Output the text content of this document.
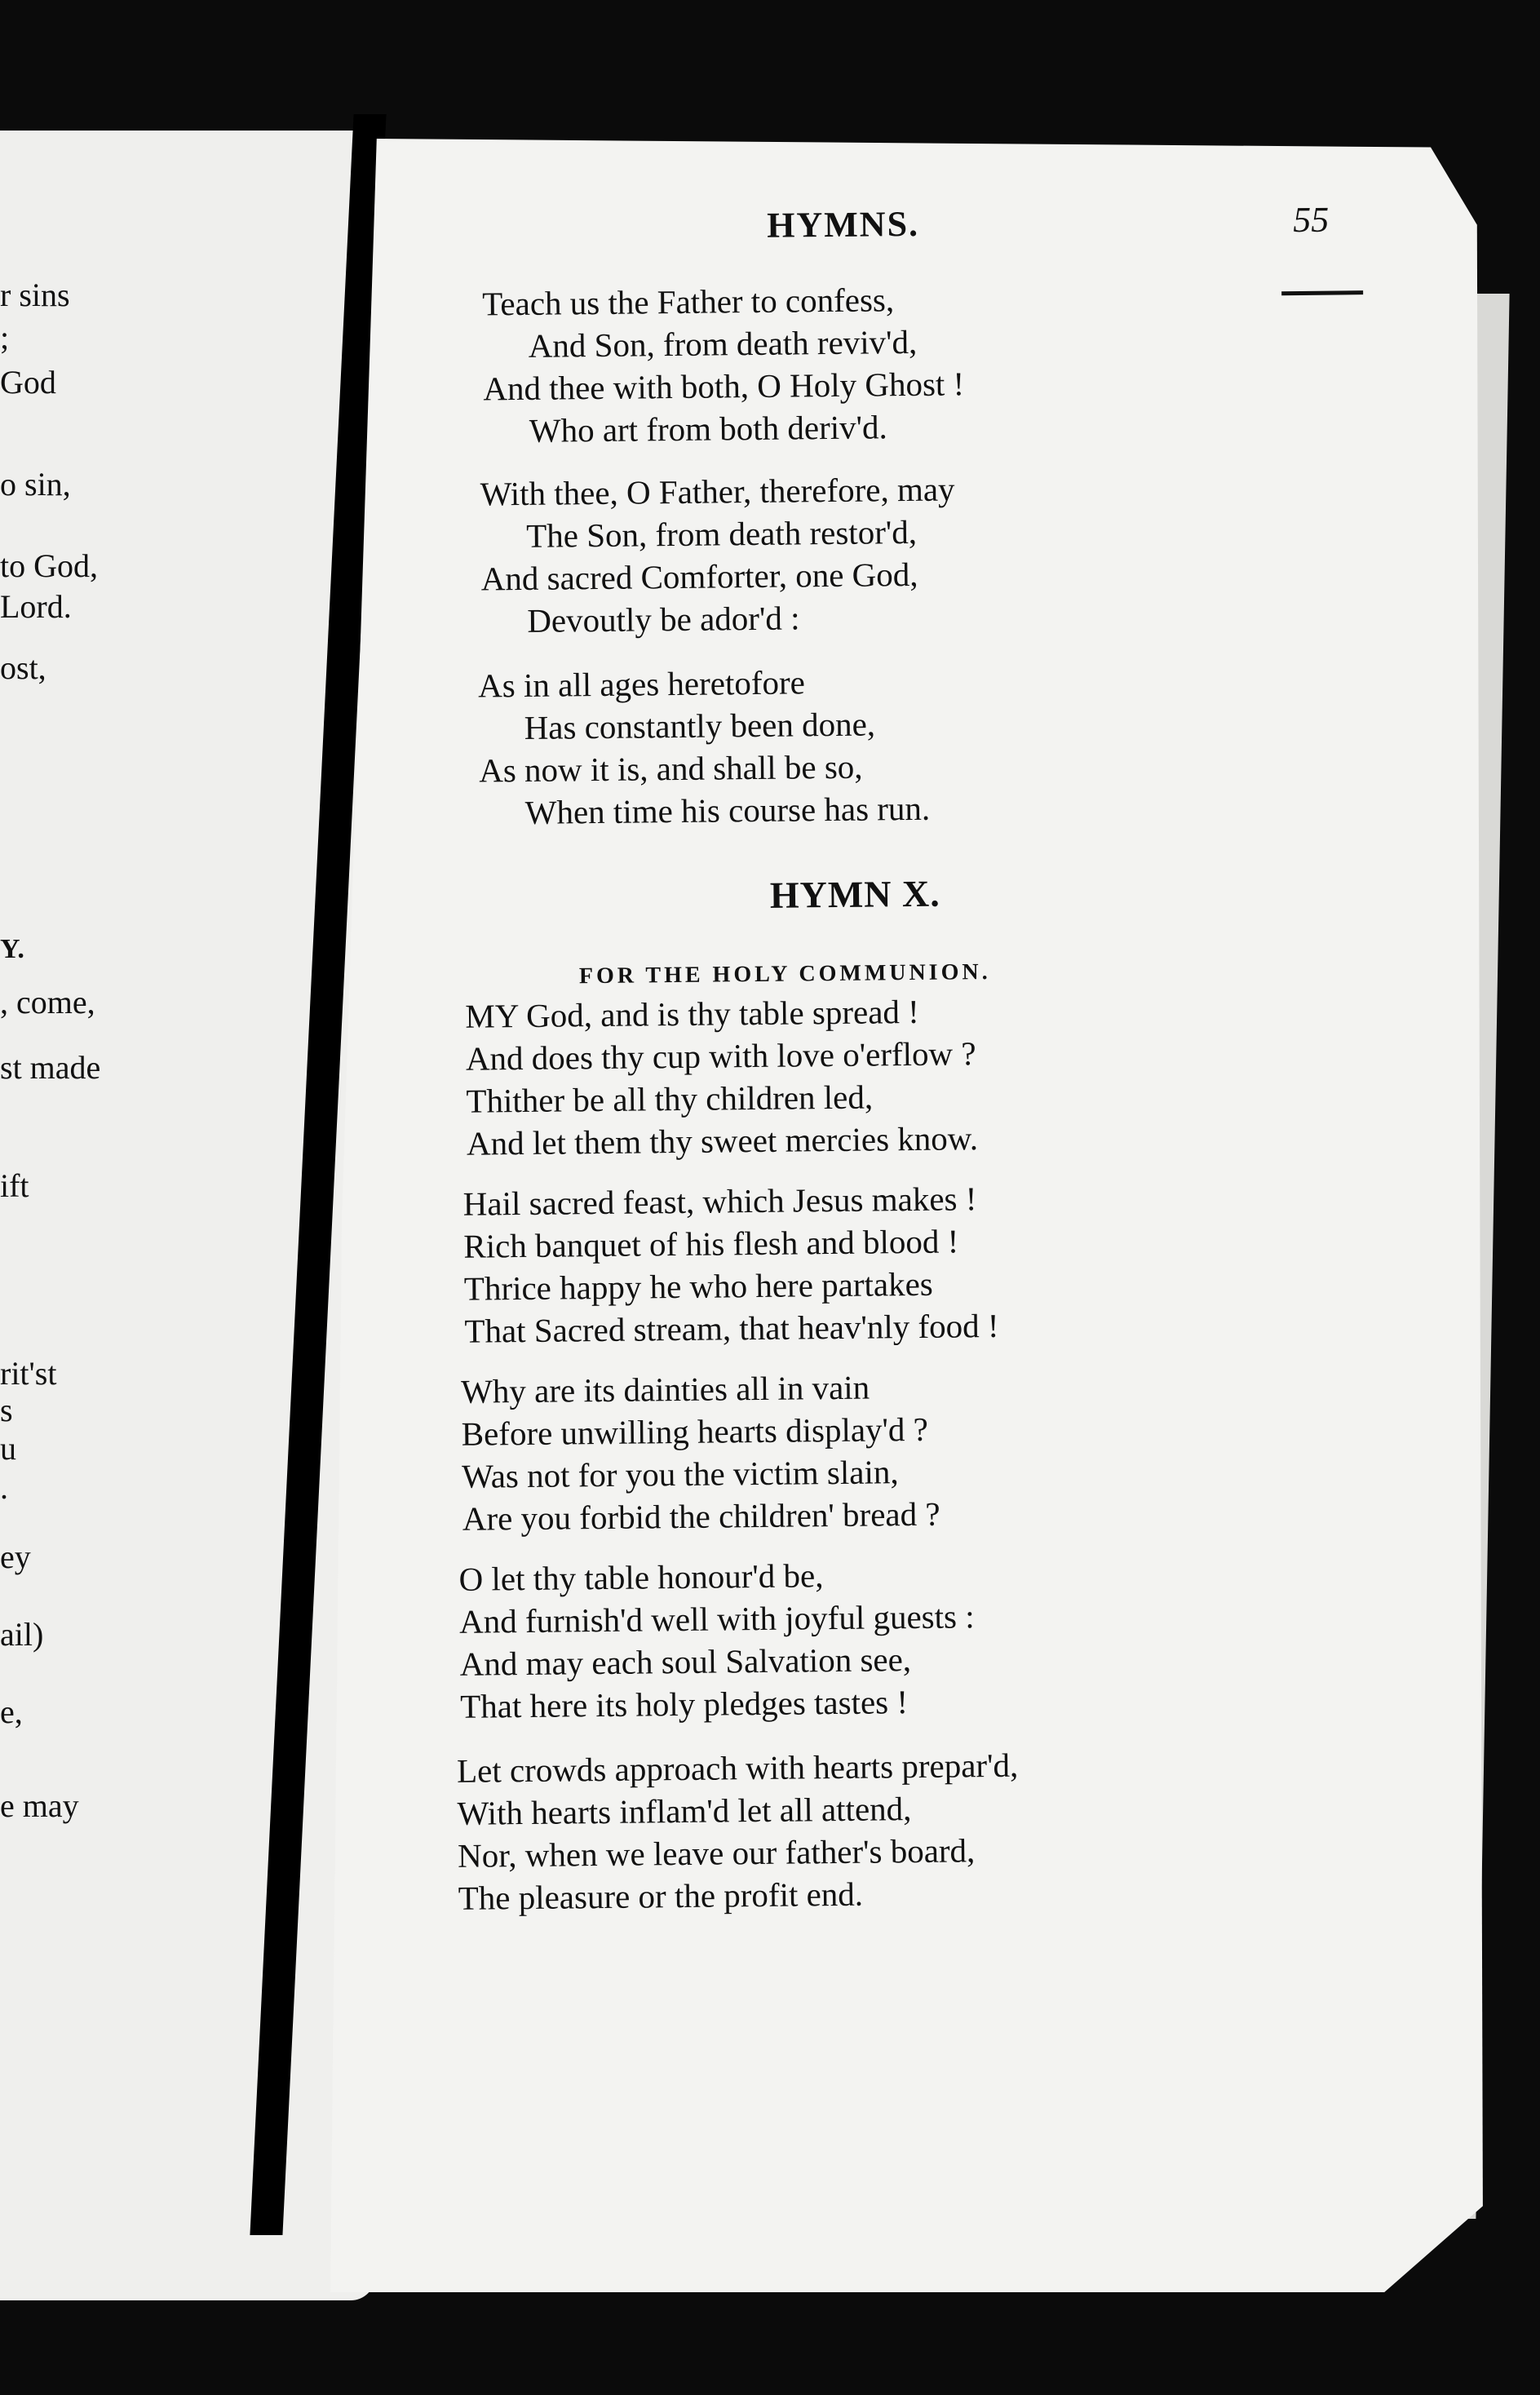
r sins
;
God
o sin,
to God,
Lord.
ost,
Y.
, come,
st made
ift
rit'st
s
u
.
ey
ail)
e,
e may
HYMNS.	55
Teach us the Father to confess,
And Son, from death reviv'd,
And thee with both, O Holy Ghost !
Who art from both deriv'd.
With thee, O Father, therefore, may
The Son, from death restor'd,
And sacred Comforter, one God,
Devoutly be ador'd :
As in all ages heretofore
Has constantly been done,
As now it is, and shall be so,
When time his course has run.
HYMN X.
FOR THE HOLY COMMUNION.
MY God, and is thy table spread !
And does thy cup with love o'erflow ?
Thither be all thy children led,
And let them thy sweet mercies know.
Hail sacred feast, which Jesus makes !
Rich banquet of his flesh and blood !
Thrice happy he who here partakes
That Sacred stream, that heav'nly food !
Why are its dainties all in vain
Before unwilling hearts display'd ?
Was not for you the victim slain,
Are you forbid the children' bread ?
O let thy table honour'd be,
And furnish'd well with joyful guests :
And may each soul Salvation see,
That here its holy pledges tastes !
Let crowds approach with hearts prepar'd,
With hearts inflam'd let all attend,
Nor, when we leave our father's board,
The pleasure or the profit end.
